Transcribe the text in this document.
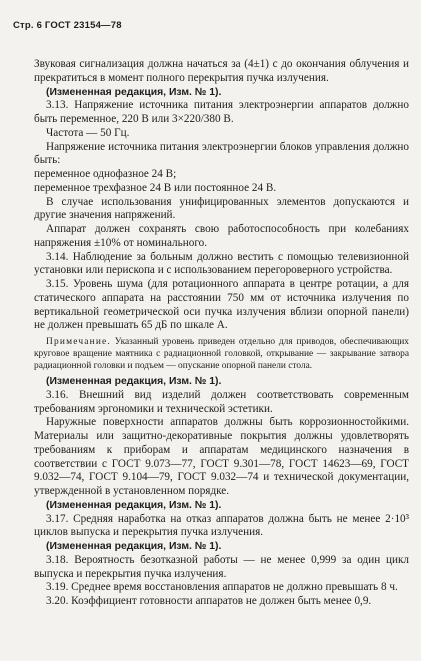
Стр. 6 ГОСТ 23154—78

Звуковая сигнализация должна начаться за (4±1) с до окончания облучения и прекратиться в момент полного перекрытия пучка излучения.

(Измененная редакция, Изм. № 1).

3.13. Напряжение источника питания электроэнергии аппаратов должно быть переменное, 220 В или 3×220/380 В.

Частота — 50 Гц.

Напряжение источника питания электроэнергии блоков управления должно быть:

переменное однофазное 24 В;

переменное трехфазное 24 В или постоянное 24 В.

В случае использования унифицированных элементов допускаются и другие значения напряжений.

Аппарат должен сохранять свою работоспособность при колебаниях напряжения ±10% от номинального.

3.14. Наблюдение за больным должно вестить с помощью телевизионной установки или перископа и с использованием перегороверного устройства.

3.15. Уровень шума (для ротационного аппарата в центре ротации, а для статического аппарата на расстоянии 750 мм от источника излучения по вертикальной геометрической оси пучка излучения вблизи опорной панели) не должен превышать 65 дБ по шкале А.

Примечание. Указанный уровень приведен отдельно для приводов, обеспечивающих круговое вращение маятника с радиационной головкой, открывание — закрывание затвора радиационной головки и подъем — опускание опорной панели стола.

(Измененная редакция, Изм. № 1).

3.16. Внешний вид изделий должен соответствовать современным требованиям эргономики и технической эстетики.

Наружные поверхности аппаратов должны быть коррозионностойкими. Материалы или защитно-декоративные покрытия должны удовлетворять требованиям к приборам и аппаратам медицинского назначения в соответствии с ГОСТ 9.073—77, ГОСТ 9.301—78, ГОСТ 14623—69, ГОСТ 9.032—74, ГОСТ 9.104—79, ГОСТ 9.032—74 и технической документации, утвержденной в установленном порядке.

(Измененная редакция, Изм. № 1).

3.17. Средняя наработка на отказ аппаратов должна быть не менее 2·10³ циклов выпуска и перекрытия пучка излучения.

(Измененная редакция, Изм. № 1).

3.18. Вероятность безотказной работы — не менее 0,999 за один цикл выпуска и перекрытия пучка излучения.

3.19. Среднее время восстановления аппаратов не должно превышать 8 ч.

3.20. Коэффициент готовности аппаратов не должен быть менее 0,9.
